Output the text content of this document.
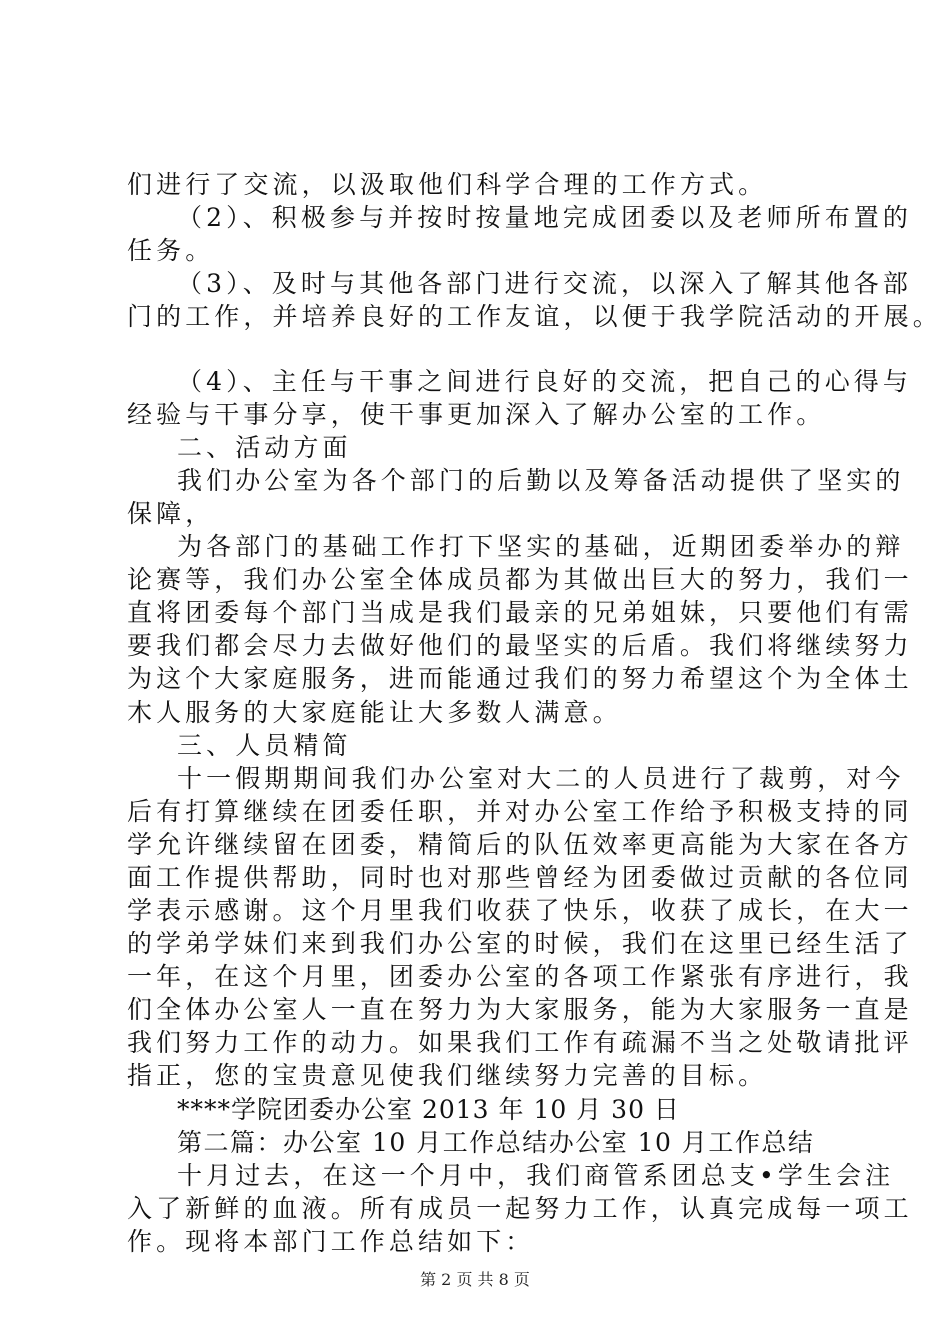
们进行了交流，以汲取他们科学合理的工作方式。
（2）、积极参与并按时按量地完成团委以及老师所布置的
任务。
（3）、及时与其他各部门进行交流，以深入了解其他各部
门的工作，并培养良好的工作友谊，以便于我学院活动的开展。
（4）、主任与干事之间进行良好的交流，把自己的心得与
经验与干事分享，使干事更加深入了解办公室的工作。
二、活动方面
我们办公室为各个部门的后勤以及筹备活动提供了坚实的
保障，
为各部门的基础工作打下坚实的基础，近期团委举办的辩
论赛等，我们办公室全体成员都为其做出巨大的努力，我们一
直将团委每个部门当成是我们最亲的兄弟姐妹，只要他们有需
要我们都会尽力去做好他们的最坚实的后盾。我们将继续努力
为这个大家庭服务，进而能通过我们的努力希望这个为全体土
木人服务的大家庭能让大多数人满意。
三、人员精简
十一假期期间我们办公室对大二的人员进行了裁剪，对今
后有打算继续在团委任职，并对办公室工作给予积极支持的同
学允许继续留在团委，精简后的队伍效率更高能为大家在各方
面工作提供帮助，同时也对那些曾经为团委做过贡献的各位同
学表示感谢。这个月里我们收获了快乐，收获了成长，在大一
的学弟学妹们来到我们办公室的时候，我们在这里已经生活了
一年，在这个月里，团委办公室的各项工作紧张有序进行，我
们全体办公室人一直在努力为大家服务，能为大家服务一直是
我们努力工作的动力。如果我们工作有疏漏不当之处敬请批评
指正，您的宝贵意见使我们继续努力完善的目标。
****学院团委办公室 2013 年 10 月 30 日
第二篇：办公室 10 月工作总结办公室 10 月工作总结
十月过去，在这一个月中，我们商管系团总支•学生会注
入了新鲜的血液。所有成员一起努力工作，认真完成每一项工
作。现将本部门工作总结如下：
第 2 页 共 8 页
